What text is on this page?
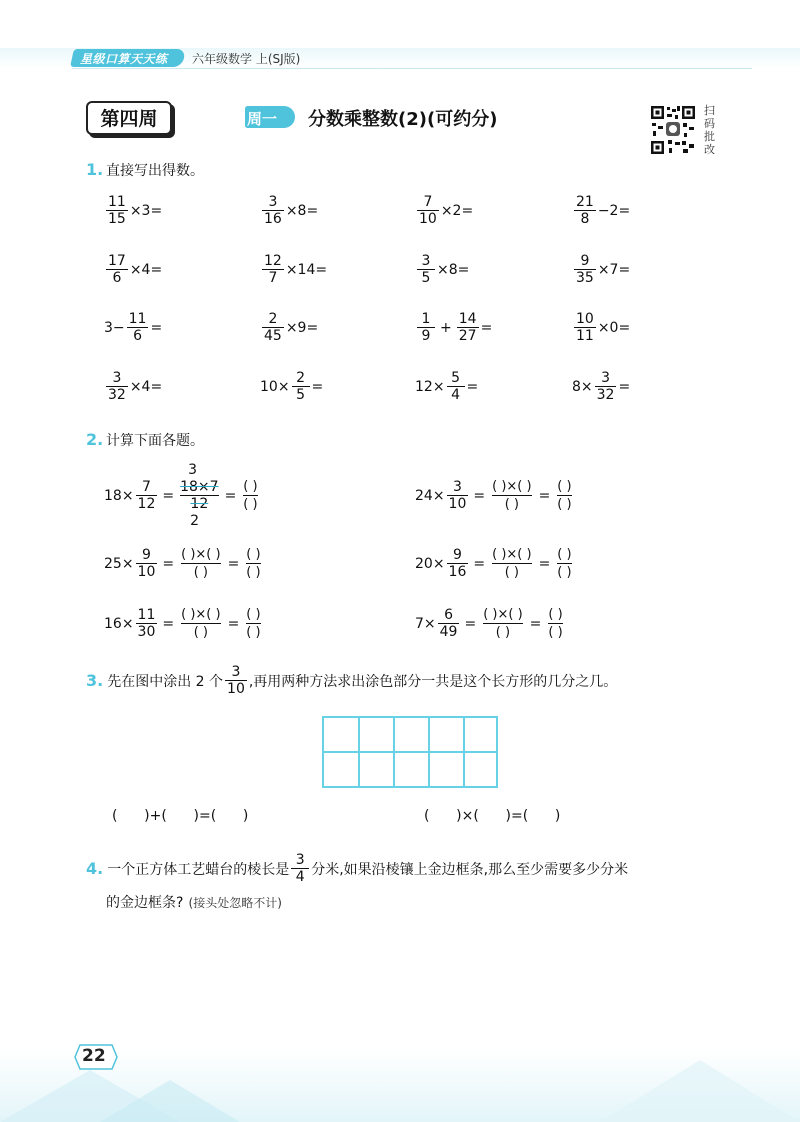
星级口算天天练 六年级数学 上(SJ版)
第四周	周一 分数乘整数(2)(可约分)	扫
码
批
改
1. 直接写出得数。
$\frac{11}{15} \times 3=$	$\frac{3}{16} \times 8=$	$\frac{7}{10} \times 2=$	$\frac{21}{8} -2=$
$\frac{17}{6} \times 4=$	$\frac{12}{7} \times 14=$	$\frac{3}{5} \times 8=$	$\frac{9}{35} \times 7=$
$3- \frac{11}{6}$ =	$\frac{2}{45} \times 9=$	$\frac{1}{9} + \frac{14}{27}$ =	$\frac{10}{11} \times 0=$
$\frac{3}{32} \times 4=$	$10\times \frac{2}{5}$ =	$12\times \frac{5}{4}$ =	$8\times \frac{3}{32}$ =
2. 计算下面各题。
$18\times \frac{7}{12}$ =
3
18×7
12
2
= $\frac{( )}{( )}$	$24\times \frac{3}{10} = \frac{( )\times( )}{( )} = \frac{( )}{( )}$
$25\times \frac{9}{10} = \frac{( )\times( )}{( )} = \frac{( )}{( )}$	$20\times \frac{9}{16} = \frac{( )\times( )}{( )} = \frac{( )}{( )}$
$16\times \frac{11}{30} = \frac{( )\times( )}{( )} = \frac{( )}{( )}$	$7\times \frac{6}{49} = \frac{( )\times( )}{( )} = \frac{( )}{( )}$
3. 先在图中涂出 2 个 $\frac{3}{10}$ ,再用两种方法求出涂色部分一共是这个长方形的几分之几。
(      )+(      )=(      )	(      )×(      )=(      )
4. 一个正方体工艺蜡台的棱长是 $\frac{3}{4}$ 分米,如果沿棱镶上金边框条,那么至少需要多少分米
的金边框条? (接头处忽略不计)
22
